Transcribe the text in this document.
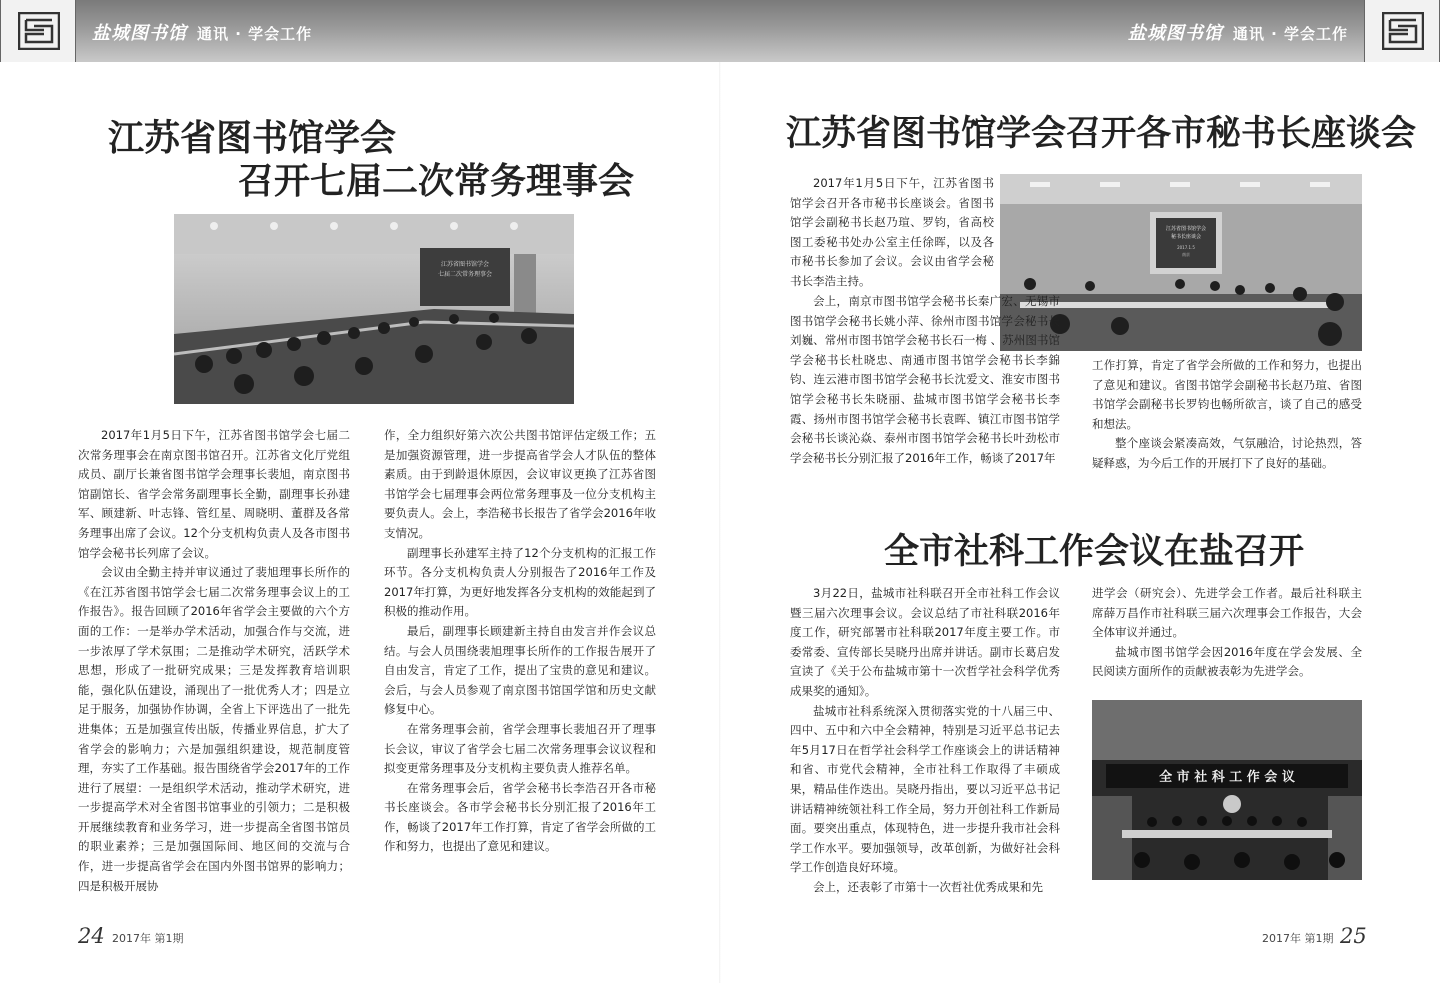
盐城图书馆 通讯 · 学会工作	盐城图书馆 通讯 · 学会工作
江苏省图书馆学会
召开七届二次常务理事会
江苏省图书馆学会
七届二次常务理事会

2017年1月5日下午，江苏省图书馆学会七届二次常务理事会在南京图书馆召开。江苏省文化厅党组成员、副厅长兼省图书馆学会理事长裴旭，南京图书馆副馆长、省学会常务副理事长全勤，副理事长孙建军、顾建新、叶志锋、管红星、周晓明、董群及各常务理事出席了会议。12个分支机构负责人及各市图书馆学会秘书长列席了会议。

会议由全勤主持并审议通过了裴旭理事长所作的《在江苏省图书馆学会七届二次常务理事会议上的工作报告》。报告回顾了2016年省学会主要做的六个方面的工作：一是举办学术活动，加强合作与交流，进一步浓厚了学术氛围；二是推动学术研究，活跃学术思想，形成了一批研究成果；三是发挥教育培训职能，强化队伍建设，涌现出了一批优秀人才；四是立足于服务，加强协作协调，全省上下评选出了一批先进集体；五是加强宣传出版，传播业界信息，扩大了省学会的影响力；六是加强组织建设，规范制度管理，夯实了工作基础。报告围绕省学会2017年的工作进行了展望：一是组织学术活动，推动学术研究，进一步提高学术对全省图书馆事业的引领力；二是积极开展继续教育和业务学习，进一步提高全省图书馆员的职业素养；三是加强国际间、地区间的交流与合作，进一步提高省学会在国内外图书馆界的影响力；四是积极开展协

作，全力组织好第六次公共图书馆评估定级工作；五是加强资源管理，进一步提高省学会人才队伍的整体素质。由于到龄退休原因，会议审议更换了江苏省图书馆学会七届理事会两位常务理事及一位分支机构主要负责人。会上，李浩秘书长报告了省学会2016年收支情况。

副理事长孙建军主持了12个分支机构的汇报工作环节。各分支机构负责人分别报告了2016年工作及2017年打算，为更好地发挥各分支机构的效能起到了积极的推动作用。

最后，副理事长顾建新主持自由发言并作会议总结。与会人员围绕裴旭理事长所作的工作报告展开了自由发言，肯定了工作，提出了宝贵的意见和建议。会后，与会人员参观了南京图书馆国学馆和历史文献修复中心。

在常务理事会前，省学会理事长裴旭召开了理事长会议，审议了省学会七届二次常务理事会议议程和拟变更常务理事及分支机构主要负责人推荐名单。

在常务理事会后，省学会秘书长李浩召开各市秘书长座谈会。各市学会秘书长分别汇报了2016年工作，畅谈了2017年工作打算，肯定了省学会所做的工作和努力，也提出了意见和建议。

24 2017年 第1期
江苏省图书馆学会召开各市秘书长座谈会
江苏省图书馆学会
秘书长座谈会
2017.1.5
南京

2017年1月5日下午，江苏省图书馆学会召开各市秘书长座谈会。省图书馆学会副秘书长赵乃瑄、罗钧，省高校图工委秘书处办公室主任徐晖，以及各市秘书长参加了会议。会议由省学会秘书长李浩主持。

会上，南京市图书馆学会秘书长秦广宏、无锡市图书馆学会秘书长姚小萍、徐州市图书馆学会秘书长刘巍、常州市图书馆学会秘书长石一梅 、苏州图书馆学会秘书长杜晓忠、南通市图书馆学会秘书长李錦钧、连云港市图书馆学会秘书长沈爱文、淮安市图书馆学会秘书长朱晓丽、盐城市图书馆学会秘书长李霞、扬州市图书馆学会秘书长袁晖、镇江市图书馆学会秘书长谈沁焱、泰州市图书馆学会秘书长叶劲松市学会秘书长分别汇报了2016年工作，畅谈了2017年

工作打算，肯定了省学会所做的工作和努力，也提出了意见和建议。省图书馆学会副秘书长赵乃瑄、省图书馆学会副秘书长罗钧也畅所欲言，谈了自己的感受和想法。

整个座谈会紧凑高效，气氛融洽，讨论热烈，答疑释惑，为今后工作的开展打下了良好的基础。

全市社科工作会议在盐召开

3月22日，盐城市社科联召开全市社科工作会议暨三届六次理事会议。会议总结了市社科联2016年度工作，研究部署市社科联2017年度主要工作。市委常委、宣传部长吴晓丹出席并讲话。副市长葛启发宣读了《关于公布盐城市第十一次哲学社会科学优秀成果奖的通知》。

盐城市社科系统深入贯彻落实党的十八届三中、四中、五中和六中全会精神，特别是习近平总书记去年5月17日在哲学社会科学工作座谈会上的讲话精神和省、市党代会精神，全市社科工作取得了丰硕成果，精品佳作迭出。吴晓丹指出，要以习近平总书记讲话精神统领社科工作全局，努力开创社科工作新局面。要突出重点，体现特色，进一步提升我市社会科学工作水平。要加强领导，改革创新，为做好社会科学工作创造良好环境。

会上，还表彰了市第十一次哲社优秀成果和先

进学会（研究会）、先进学会工作者。最后社科联主席薛万昌作市社科联三届六次理事会工作报告，大会全体审议并通过。

盐城市图书馆学会因2016年度在学会发展、全民阅读方面所作的贡献被表彰为先进学会。

全 市 社 科 工 作 会 议
25
2017年 第1期
